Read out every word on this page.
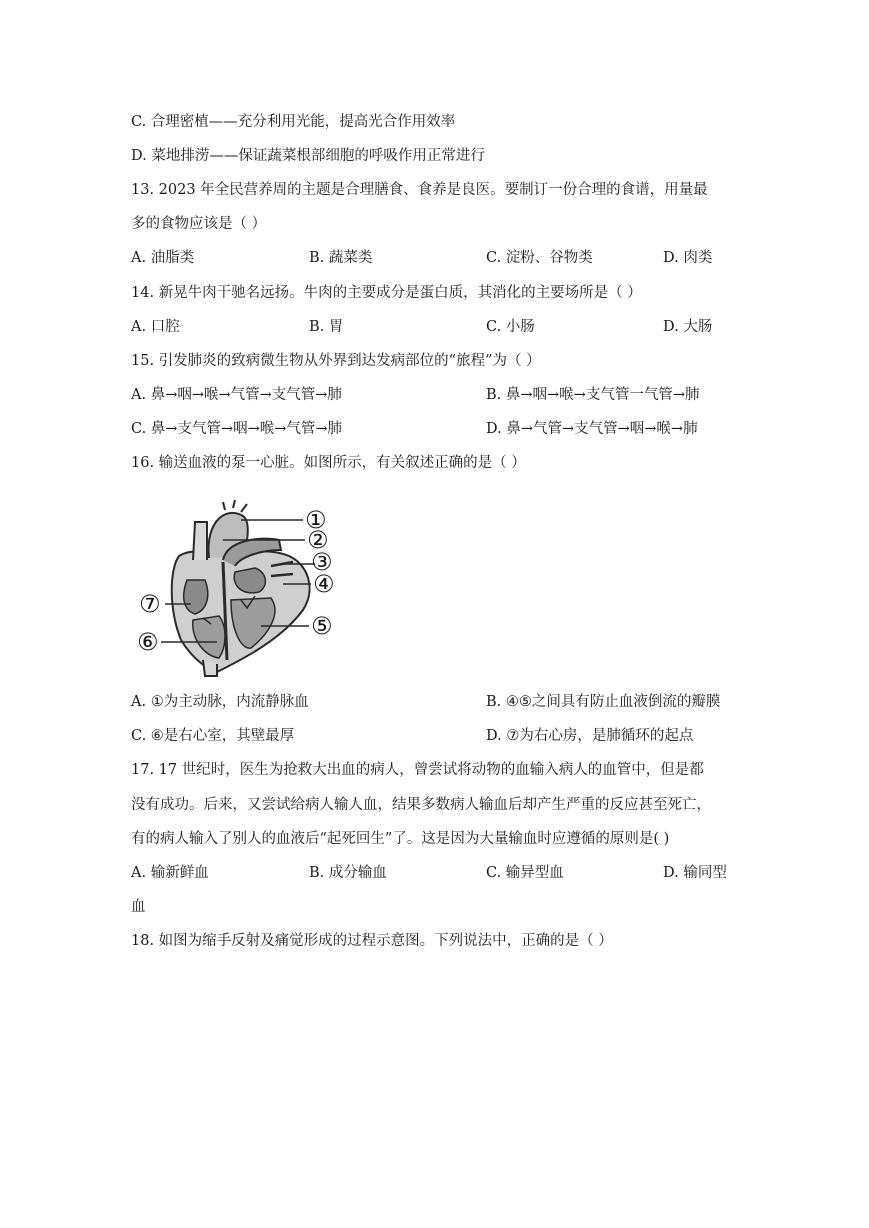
C. 合理密植——充分利用光能，提高光合作用效率
D. 菜地排涝——保证蔬菜根部细胞的呼吸作用正常进行
13. 2023 年全民营养周的主题是合理膳食、食养是良医。要制订一份合理的食谱，用量最
多的食物应该是（ ）
A. 油脂类	B. 蔬菜类	C. 淀粉、谷物类	D. 肉类
14. 新晃牛肉干驰名远扬。牛肉的主要成分是蛋白质，其消化的主要场所是（ ）
A. 口腔	B. 胃	C. 小肠	D. 大肠
15. 引发肺炎的致病微生物从外界到达发病部位的“旅程”为（ ）
A. 鼻→咽→喉→气管→支气管→肺	B. 鼻→咽→喉→支气管一气管→肺
C. 鼻→支气管→咽→喉→气管→肺	D. 鼻→气管→支气管→咽→喉→肺
16. 输送血液的泵一心脏。如图所示，有关叙述正确的是（ ）
①
②
③
④
⑤
⑥
⑦
A. ①为主动脉，内流静脉血	B. ④⑤之间具有防止血液倒流的瓣膜
C. ⑥是右心室，其壁最厚	D. ⑦为右心房，是肺循环的起点
17. 17 世纪时，医生为抢救大出血的病人，曾尝试将动物的血输入病人的血管中，但是都
没有成功。后来，又尝试给病人输人血，结果多数病人输血后却产生严重的反应甚至死亡，
有的病人输入了别人的血液后“起死回生”了。这是因为大量输血时应遵循的原则是( )
A. 输新鲜血	B. 成分输血	C. 输异型血	D. 输同型
血
18. 如图为缩手反射及痛觉形成的过程示意图。下列说法中，正确的是（ ）
